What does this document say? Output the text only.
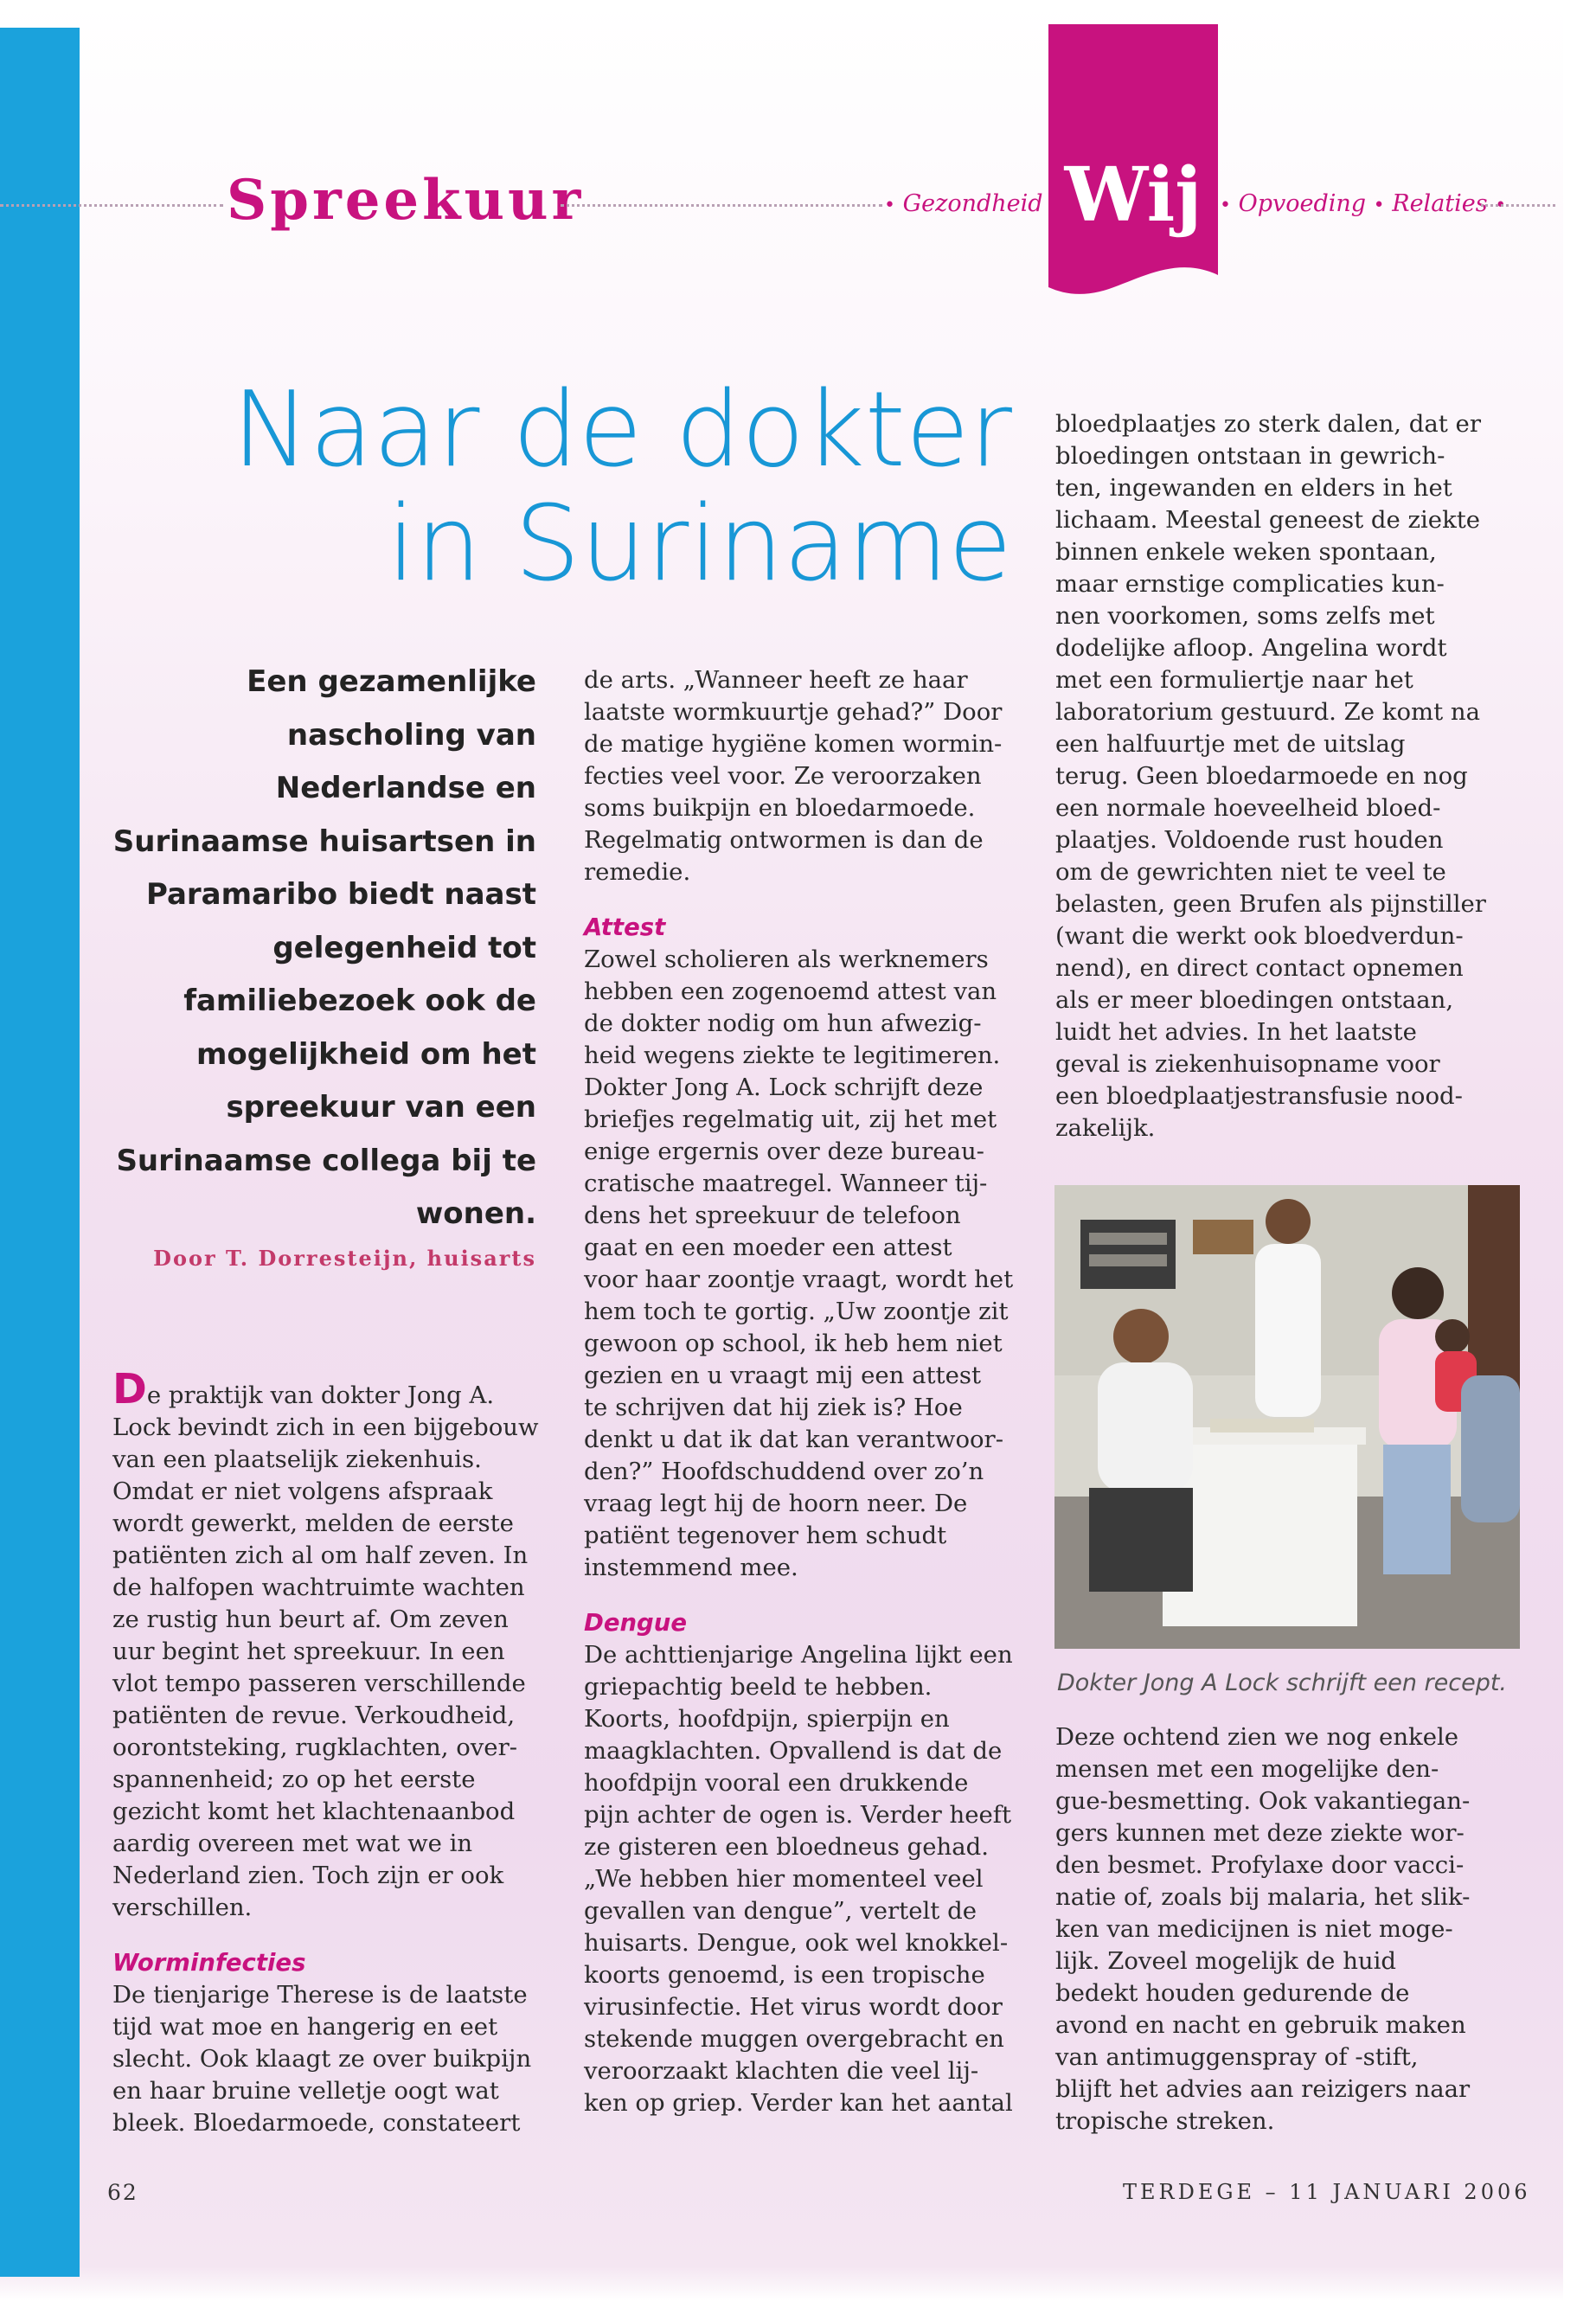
Spreekuur	• Gezondheid	• Opvoeding • Relaties •
Wij
Naar de dokter
in Suriname
Een gezamenlijke nascholing van Nederlandse en Surinaamse huisartsen in Paramaribo biedt naast gelegenheid tot familiebezoek ook de mogelijkheid om het spreekuur van een Surinaamse collega bij te wonen.
Door T. Dorresteijn, huisarts

De praktijk van dokter Jong A.
Lock bevindt zich in een bijgebouw
van een plaatselijk ziekenhuis.
Omdat er niet volgens afspraak
wordt gewerkt, melden de eerste
patiënten zich al om half zeven. In
de halfopen wachtruimte wachten
ze rustig hun beurt af. Om zeven
uur begint het spreekuur. In een
vlot tempo passeren verschillende
patiënten de revue. Verkoudheid,
oorontsteking, rugklachten, over-
spannenheid; zo op het eerste
gezicht komt het klachtenaanbod
aardig overeen met wat we in
Nederland zien. Toch zijn er ook
verschillen.

Worminfecties

De tienjarige Therese is de laatste
tijd wat moe en hangerig en eet
slecht. Ook klaagt ze over buikpijn
en haar bruine velletje oogt wat
bleek. Bloedarmoede, constateert

de arts. „Wanneer heeft ze haar
laatste wormkuurtje gehad?” Door
de matige hygiëne komen wormin-
fecties veel voor. Ze veroorzaken
soms buikpijn en bloedarmoede.
Regelmatig ontwormen is dan de
remedie.

Attest

Zowel scholieren als werknemers
hebben een zogenoemd attest van
de dokter nodig om hun afwezig-
heid wegens ziekte te legitimeren.
Dokter Jong A. Lock schrijft deze
briefjes regelmatig uit, zij het met
enige ergernis over deze bureau-
cratische maatregel. Wanneer tij-
dens het spreekuur de telefoon
gaat en een moeder een attest
voor haar zoontje vraagt, wordt het
hem toch te gortig. „Uw zoontje zit
gewoon op school, ik heb hem niet
gezien en u vraagt mij een attest
te schrijven dat hij ziek is? Hoe
denkt u dat ik dat kan verantwoor-
den?” Hoofdschuddend over zo’n
vraag legt hij de hoorn neer. De
patiënt tegenover hem schudt
instemmend mee.

Dengue

De achttienjarige Angelina lijkt een
griepachtig beeld te hebben.
Koorts, hoofdpijn, spierpijn en
maagklachten. Opvallend is dat de
hoofdpijn vooral een drukkende
pijn achter de ogen is. Verder heeft
ze gisteren een bloedneus gehad.
„We hebben hier momenteel veel
gevallen van dengue”, vertelt de
huisarts. Dengue, ook wel knokkel-
koorts genoemd, is een tropische
virusinfectie. Het virus wordt door
stekende muggen overgebracht en
veroorzaakt klachten die veel lij-
ken op griep. Verder kan het aantal

bloedplaatjes zo sterk dalen, dat er
bloedingen ontstaan in gewrich-
ten, ingewanden en elders in het
lichaam. Meestal geneest de ziekte
binnen enkele weken spontaan,
maar ernstige complicaties kun-
nen voorkomen, soms zelfs met
dodelijke afloop. Angelina wordt
met een formuliertje naar het
laboratorium gestuurd. Ze komt na
een halfuurtje met de uitslag
terug. Geen bloedarmoede en nog
een normale hoeveelheid bloed-
plaatjes. Voldoende rust houden
om de gewrichten niet te veel te
belasten, geen Brufen als pijnstiller
(want die werkt ook bloedverdun-
nend), en direct contact opnemen
als er meer bloedingen ontstaan,
luidt het advies. In het laatste
geval is ziekenhuisopname voor
een bloedplaatjestransfusie nood-
zakelijk.

Dokter Jong A Lock schrijft een recept.

Deze ochtend zien we nog enkele
mensen met een mogelijke den-
gue-besmetting. Ook vakantiegan-
gers kunnen met deze ziekte wor-
den besmet. Profylaxe door vacci-
natie of, zoals bij malaria, het slik-
ken van medicijnen is niet moge-
lijk. Zoveel mogelijk de huid
bedekt houden gedurende de
avond en nacht en gebruik maken
van antimuggenspray of -stift,
blijft het advies aan reizigers naar
tropische streken.

62	TERDEGE – 11 JANUARI 2006
